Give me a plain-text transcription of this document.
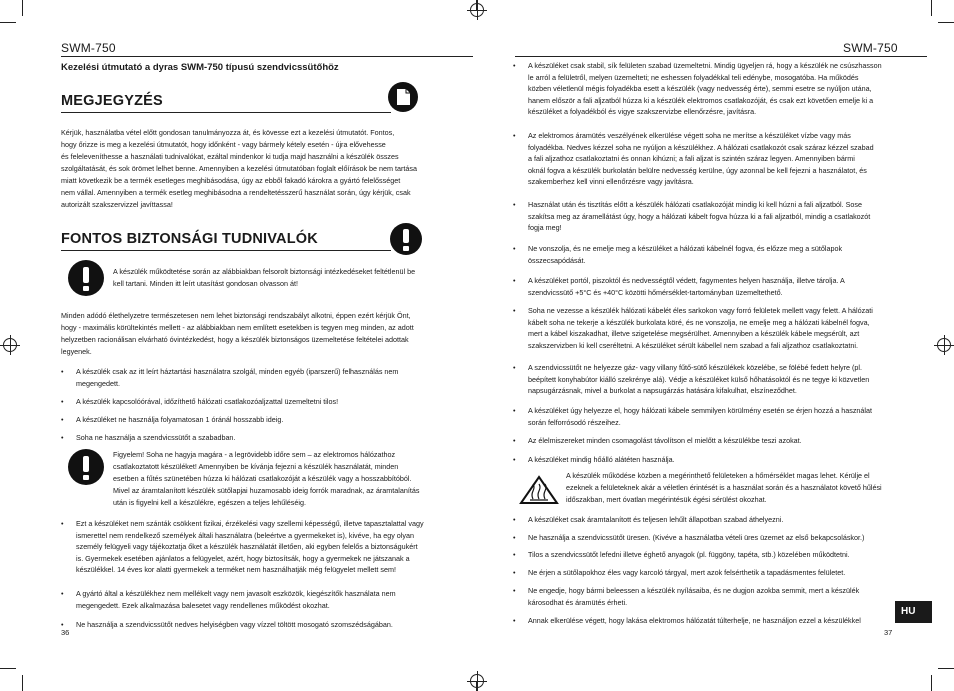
SWM-750
Kezelési útmutató a dyras SWM-750 típusú szendvicssütőhöz
MEGJEGYZÉS
Kérjük, használatba vétel előtt gondosan tanulmányozza át, és kövesse ezt a kezelési útmutatót. Fontos,
hogy őrizze is meg a kezelési útmutatót, hogy időnként - vagy bármely kétely esetén - újra elővehesse
és feleleveníthesse a használati tudnivalókat, ezáltal mindenkor ki tudja majd használni a készülék összes
szolgáltatását, és sok örömet lelhet benne. Amennyiben a kezelési útmutatóban foglalt előírások be nem tartása
miatt következik be a termék esetleges meghibásodása, úgy az ebből fakadó károkra a gyártó felelősséget
nem vállal. Amennyiben a termék esetleg meghibásodna a rendeltetésszerű használat során, úgy kérjük, csak
autorizált szakszervizzel javíttassa!
FONTOS BIZTONSÁGI TUDNIVALÓK
A készülék működtetése során az alábbiakban felsorolt biztonsági intézkedéseket feltétlenül be
kell tartani. Minden itt leírt utasítást gondosan olvasson át!
Minden adódó élethelyzetre természetesen nem lehet biztonsági rendszabályt alkotni, éppen ezért kérjük Önt,
hogy - maximális körültekintés mellett - az alábbiakban nem említett esetekben is tegyen meg minden, az adott
helyzetben racionálisan elvárható óvintézkedést, hogy a készülék biztonságos üzemeltetése feltételei adottak
legyenek.
• A készülék csak az itt leírt háztartási használatra szolgál, minden egyéb (iparszerű) felhasználás nem
megengedett.
• A készülék kapcsolóórával, időzíthető hálózati csatlakozóaljzattal üzemeltetni tilos!
• A készüléket ne használja folyamatosan 1 óránál hosszabb ideig.
• Soha ne használja a szendvicssütőt a szabadban.
Figyelem! Soha ne hagyja magára - a legrövidebb időre sem – az elektromos hálózathoz
csatlakoztatott készüléket! Amennyiben be kívánja fejezni a készülék használatát, minden
esetben a fűtés szünetében húzza ki hálózati csatlakozóját a készülék vagy a hosszabbítóból.
Mivel az áramtalanított készülék sütőlapjai huzamosabb ideig forrók maradnak, az áramtalanítás
után is figyelni kell a készülékre, egészen a teljes lehűléséig.
• Ezt a készüléket nem szánták csökkent fizikai, érzékelési vagy szellemi képességű, illetve tapasztalattal vagy
ismerettel nem rendelkező személyek általi használatra (beleértve a gyermekeket is), kivéve, ha egy olyan
személy felügyeli vagy tájékoztatja őket a készülék használatát illetően, aki egyben felelős a biztonságukért
is. Gyermekek esetében ajánlatos a felügyelet, azért, hogy biztosítsák, hogy a gyermekek ne játszanak a
készülékkel. 14 éves kor alatti gyermekek a terméket nem használhatják még felügyelet mellett sem!
• A gyártó által a készülékhez nem mellékelt vagy nem javasolt eszközök, kiegészítők használata nem
megengedett. Ezek alkalmazása balesetet vagy rendellenes működést okozhat.
• Ne használja a szendvicssütőt nedves helyiségben vagy vízzel töltött mosogató szomszédságában.
36
SWM-750
• A készüléket csak stabil, sík felületen szabad üzemeltetni. Mindig ügyeljen rá, hogy a készülék ne csúszhasson
le arról a felületről, melyen üzemelteti; ne eshessen folyadékkal teli edénybe, mosogatóba. Ha működés
közben véletlenül mégis folyadékba esett a készülék (vagy nedvesség érte), semmi esetre se nyúljon utána,
hanem először a fali aljzatból húzza ki a készülék elektromos csatlakozóját, és csak ezt követően emelje ki a
készüléket a folyadékból és vigye szakszervizbe ellenőrzésre, javításra.
• Az elektromos áramütés veszélyének elkerülése végett soha ne merítse a készüléket vízbe vagy más
folyadékba. Nedves kézzel soha ne nyúljon a készülékhez. A hálózati csatlakozót csak száraz kézzel szabad
a fali aljzathoz csatlakoztatni és onnan kihúzni; a fali aljzat is szintén száraz legyen. Amennyiben bármi
oknál fogva a készülék burkolatán belülre nedvesség kerülne, úgy azonnal be kell fejezni a használatot, és
szakemberhez kell vinni ellenőrzésre vagy javításra.
• Használat után és tisztítás előtt a készülék hálózati csatlakozóját mindig ki kell húzni a fali aljzatból. Sose
szakítsa meg az áramellátást úgy, hogy a hálózati kábelt fogva húzza ki a fali aljzatból, mindig a csatlakozót
fogja meg!
• Ne vonszolja, és ne emelje meg a készüléket a hálózati kábelnél fogva, és előzze meg a sütőlapok
összecsapódását.
• A készüléket portól, piszoktól és nedvességtől védett, fagymentes helyen használja, illetve tárolja. A
szendvicssütő +5°C és +40°C közötti hőmérséklet-tartományban üzemeltethető.
• Soha ne vezesse a készülék hálózati kábelét éles sarkokon vagy forró felületek mellett vagy felett. A hálózati
kábelt soha ne tekerje a készülék burkolata köré, és ne vonszolja, ne emelje meg a hálózati kábelnél fogva,
mert a kábel kiszakadhat, illetve szigetelése megsérülhet. Amennyiben a készülék kábele megsérült, azt
szakszervizben ki kell cseréltetni. A készüléket sérült kábellel nem szabad a fali aljzathoz csatlakoztatni.
• A szendvicssütőt ne helyezze gáz- vagy villany fűtő-sütő készülékek közelébe, se fölébé fedett helyre (pl.
beépített konyhabútor kiálló szekrénye alá). Védje a készüléket külső hőhatásoktól és ne tegye ki közvetlen
napsugárzásnak, mivel a burkolat a napsugárzás hatására kifakulhat, elszíneződhet.
• A készüléket úgy helyezze el, hogy hálózati kábele semmilyen körülmény esetén se érjen hozzá a használat
során felforrósodó részeihez.
• Az élelmiszereket minden csomagolást távolítson el mielőtt a készülékbe teszi azokat.
• A készüléket mindig hőálló alátéten használja.
A készülék működése közben a megérinthető felületeken a hőmérséklet magas lehet. Kérülje el
ezeknek a felületeknek akár a véletlen érintését is a használat során és a használatot követő hűlési
időszakban, mert óvatlan megérintésük égési sérülést okozhat.
• A készüléket csak áramtalanított és teljesen lehűlt állapotban szabad áthelyezni.
• Ne használja a szendvicssütőt üresen. (Kivéve a használatba vételi üres üzemet az első bekapcsoláskor.)
• Tilos a szendvicssütőt lefedni illetve éghető anyagok (pl. függöny, tapéta, stb.) közelében működtetni.
• Ne érjen a sütőlapokhoz éles vagy karcoló tárgyal, mert azok felsérthetik a tapadásmentes felületet.
• Ne engedje, hogy bármi beleessen a készülék nyílásaiba, és ne dugjon azokba semmit, mert a készülék
károsodhat és áramütés érheti.
• Annak elkerülése végett, hogy lakása elektromos hálózatát túlterhelje, ne használjon ezzel a készülékkel
37
HU
